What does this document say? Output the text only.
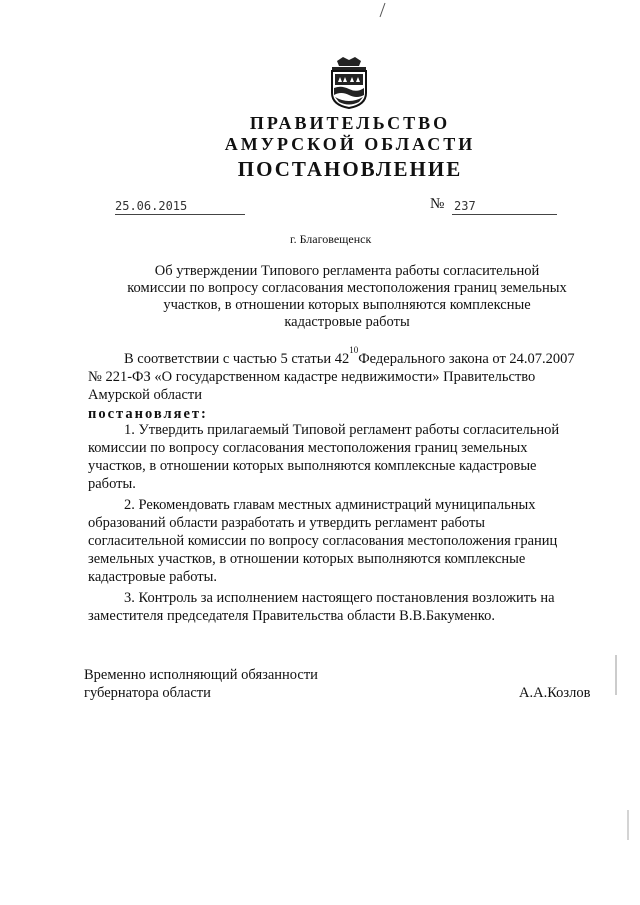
ПРАВИТЕЛЬСТВО
АМУРСКОЙ ОБЛАСТИ
ПОСТАНОВЛЕНИЕ
25.06.2015	№ 237
г. Благовещенск
Об утверждении Типового регламента работы согласительной
комиссии по вопросу согласования местоположения границ земельных
участков, в отношении которых выполняются комплексные
кадастровые работы
В соответствии с частью 5 статьи 42
10
Федерального закона от 24.07.2007
№ 221-ФЗ «О государственном кадастре недвижимости» Правительство
Амурской области
постановляет:
1. Утвердить прилагаемый Типовой регламент работы согласительной
комиссии по вопросу согласования местоположения границ земельных
участков, в отношении которых выполняются комплексные кадастровые
работы.
2. Рекомендовать главам местных администраций муниципальных
образований области разработать и утвердить регламент работы
согласительной комиссии по вопросу согласования местоположения границ
земельных участков, в отношении которых выполняются комплексные
кадастровые работы.
3. Контроль за исполнением настоящего постановления возложить на
заместителя председателя Правительства области В.В.Бакуменко.
Временно исполняющий обязанности
губернатора области	А.А.Козлов
